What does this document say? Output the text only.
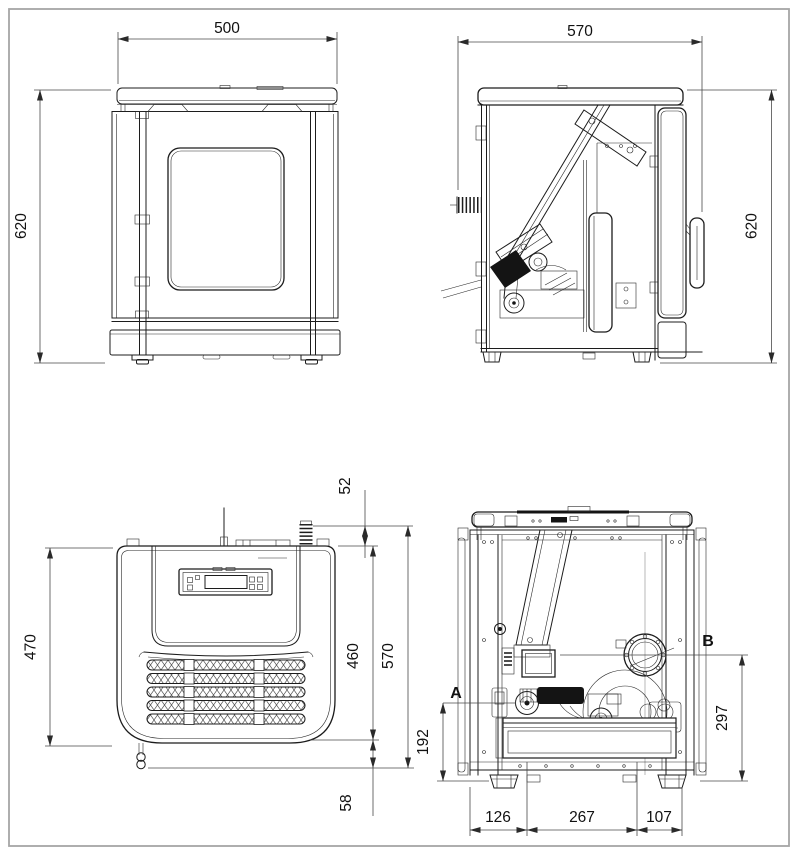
500
620
570
620
470
52
460
58
570
A
192
B
297
126	267	107
